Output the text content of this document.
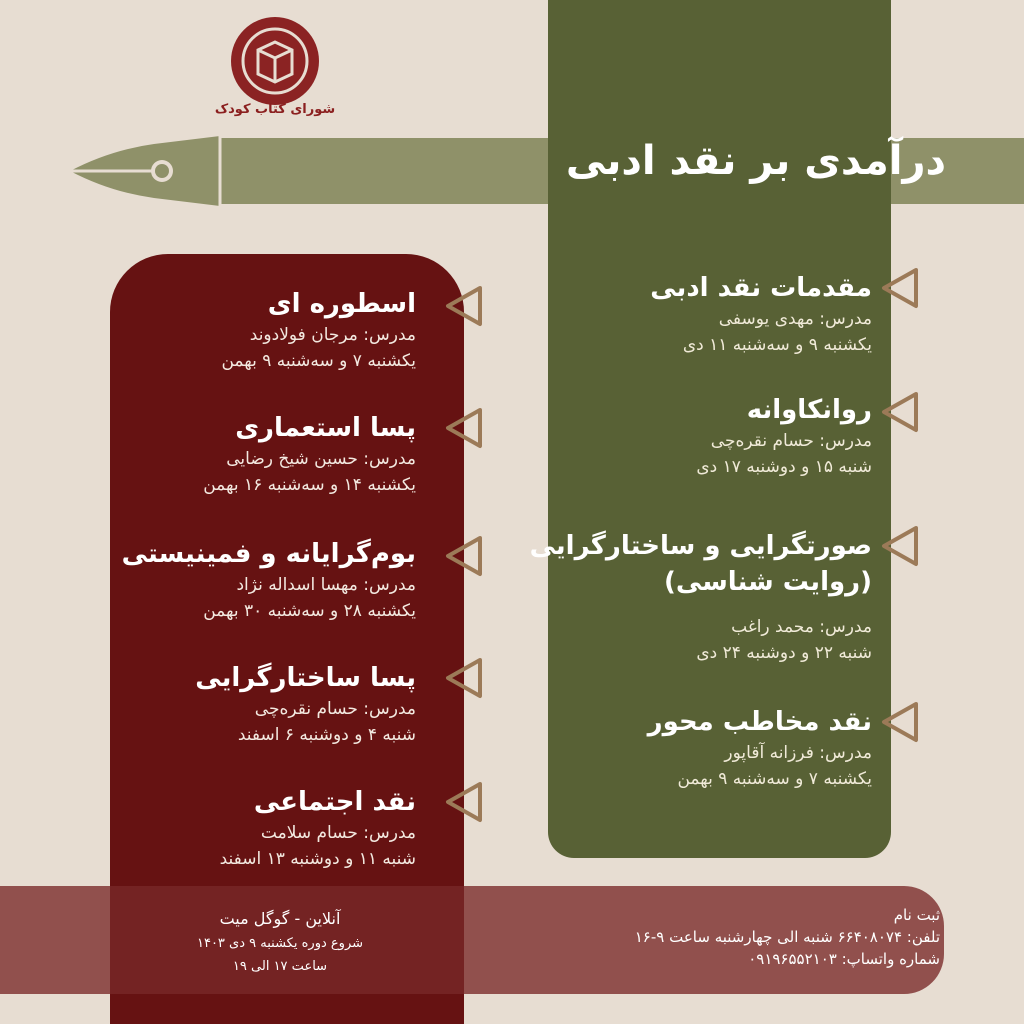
شورای کتاب کودک
درآمدی بر نقد ادبی
مقدمات نقد ادبی
مدرس: مهدی یوسفی
یکشنبه ۹ و سه‌شنبه ۱۱ دی
روانکاوانه
مدرس: حسام نقره‌چی
شنبه ۱۵ و دوشنبه ۱۷ دی
صورتگرایی و ساختارگرایی
(روایت شناسی)
مدرس: محمد راغب
شنبه ۲۲ و دوشنبه ۲۴ دی
نقد مخاطب محور
مدرس: فرزانه آقاپور
یکشنبه ۷ و سه‌شنبه ۹ بهمن
اسطوره ای
مدرس: مرجان فولادوند
یکشنبه ۷ و سه‌شنبه ۹ بهمن
پسا استعماری
مدرس: حسین شیخ رضایی
یکشنبه ۱۴ و سه‌شنبه ۱۶ بهمن
بوم‌گرایانه و فمینیستی
مدرس: مهسا اسداله نژاد
یکشنبه ۲۸ و سه‌شنبه ۳۰ بهمن
پسا ساختارگرایی
مدرس: حسام نقره‌چی
شنبه ۴ و دوشنبه ۶ اسفند
نقد اجتماعی
مدرس: حسام سلامت
شنبه ۱۱ و دوشنبه ۱۳ اسفند
ثبت نام
تلفن: ۶۶۴۰۸۰۷۴ شنبه الی چهارشنبه ساعت ۹-۱۶
شماره واتساپ: ۰۹۱۹۶۵۵۲۱۰۳
آنلاین - گوگل میت
شروع دوره یکشنبه ۹ دی ۱۴۰۳
ساعت ۱۷ الی ۱۹
